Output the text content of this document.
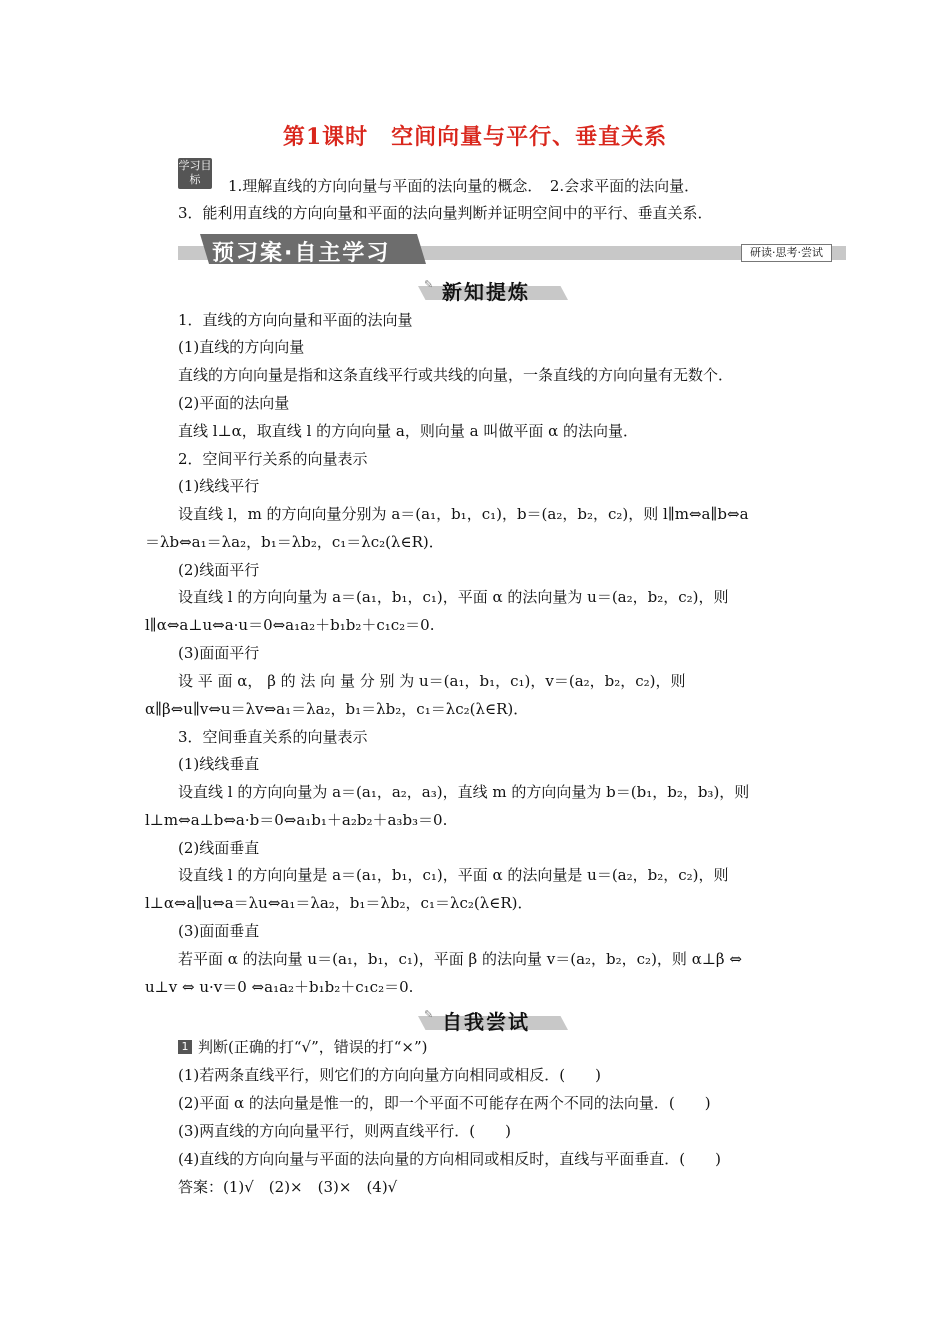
第1课时　空间向量与平行、垂直关系
学习目标	1.理解直线的方向向量与平面的法向量的概念．　2.会求平面的法向量．
3．能利用直线的方向向量和平面的法向量判断并证明空间中的平行、垂直关系．
预习案·自主学习	研读·思考·尝试
✎ 新知提炼
1．直线的方向向量和平面的法向量
(1)直线的方向向量
直线的方向向量是指和这条直线平行或共线的向量，一条直线的方向向量有无数个．
(2)平面的法向量
直线 l⊥α，取直线 l 的方向向量 a，则向量 a 叫做平面 α 的法向量．
2．空间平行关系的向量表示
(1)线线平行
设直线 l，m 的方向向量分别为 a＝(a₁，b₁，c₁)，b＝(a₂，b₂，c₂)，则 l∥m⇔a∥b⇔a
＝λb⇔a₁＝λa₂，b₁＝λb₂，c₁＝λc₂(λ∈R)．
(2)线面平行
设直线 l 的方向向量为 a＝(a₁，b₁，c₁)，平面 α 的法向量为 u＝(a₂，b₂，c₂)，则
l∥α⇔a⊥u⇔a·u＝0⇔a₁a₂＋b₁b₂＋c₁c₂＝0.
(3)面面平行
设 平 面 α， β 的 法 向 量 分 别 为 u＝(a₁，b₁，c₁)，v＝(a₂，b₂，c₂)，则
α∥β⇔u∥v⇔u＝λv⇔a₁＝λa₂，b₁＝λb₂，c₁＝λc₂(λ∈R)．
3．空间垂直关系的向量表示
(1)线线垂直
设直线 l 的方向向量为 a＝(a₁，a₂，a₃)，直线 m 的方向向量为 b＝(b₁，b₂，b₃)，则
l⊥m⇔a⊥b⇔a·b＝0⇔a₁b₁＋a₂b₂＋a₃b₃＝0.
(2)线面垂直
设直线 l 的方向向量是 a＝(a₁，b₁，c₁)，平面 α 的法向量是 u＝(a₂，b₂，c₂)，则
l⊥α⇔a∥u⇔a＝λu⇔a₁＝λa₂，b₁＝λb₂，c₁＝λc₂(λ∈R)．
(3)面面垂直
若平面 α 的法向量 u＝(a₁，b₁，c₁)，平面 β 的法向量 v＝(a₂，b₂，c₂)，则 α⊥β ⇔
u⊥v ⇔ u·v＝0 ⇔a₁a₂＋b₁b₂＋c₁c₂＝0.
✎ 自我尝试
1 判断(正确的打“√”，错误的打“×”)
(1)若两条直线平行，则它们的方向向量方向相同或相反．(　　)
(2)平面 α 的法向量是惟一的，即一个平面不可能存在两个不同的法向量．(　　)
(3)两直线的方向向量平行，则两直线平行．(　　)
(4)直线的方向向量与平面的法向量的方向相同或相反时，直线与平面垂直．(　　)
答案：(1)√　(2)×　(3)×　(4)√
